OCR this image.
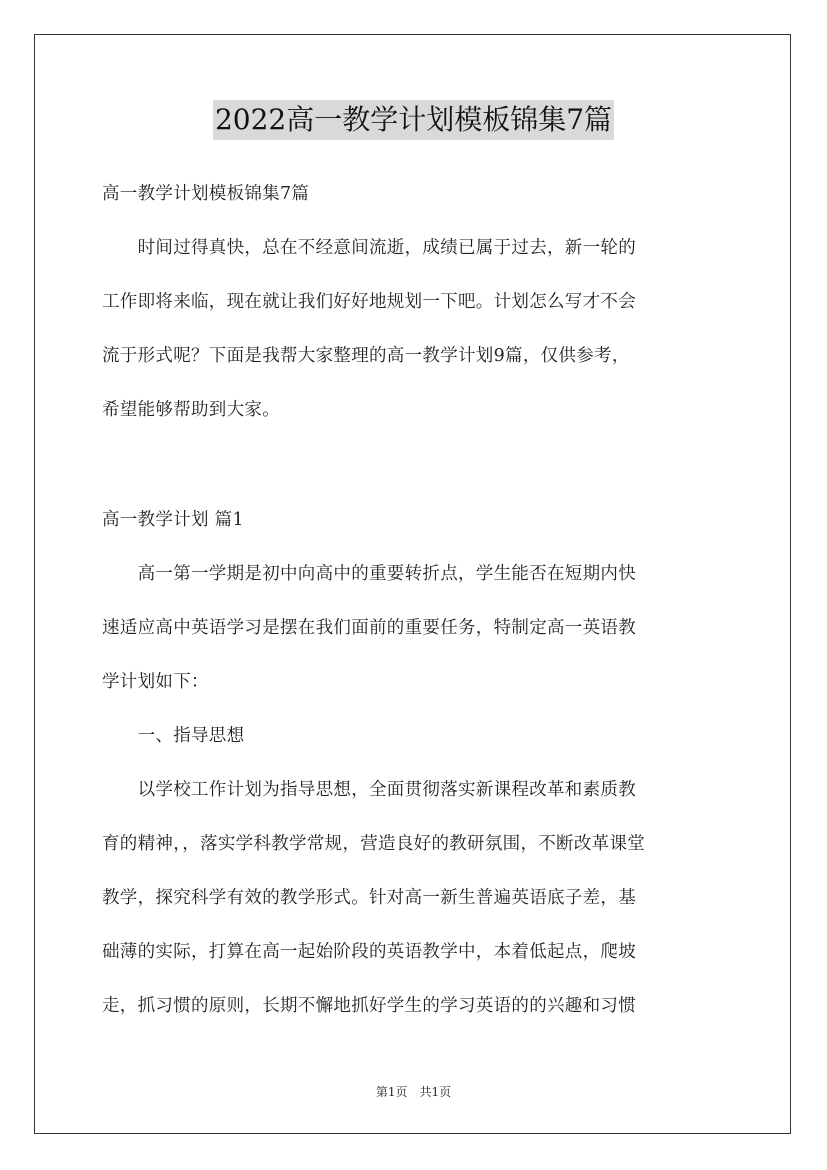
2022高一教学计划模板锦集7篇
高一教学计划模板锦集7篇
　　时间过得真快，总在不经意间流逝，成绩已属于过去，新一轮的
工作即将来临，现在就让我们好好地规划一下吧。计划怎么写才不会
流于形式呢？下面是我帮大家整理的高一教学计划9篇，仅供参考，
希望能够帮助到大家。
高一教学计划 篇1
　　高一第一学期是初中向高中的重要转折点，学生能否在短期内快
速适应高中英语学习是摆在我们面前的重要任务，特制定高一英语教
学计划如下：
　　一、指导思想
　　以学校工作计划为指导思想，全面贯彻落实新课程改革和素质教
育的精神，，落实学科教学常规，营造良好的教研氛围，不断改革课堂
教学，探究科学有效的教学形式。针对高一新生普遍英语底子差，基
础薄的实际，打算在高一起始阶段的英语教学中，本着低起点，爬坡
走，抓习惯的原则，长期不懈地抓好学生的学习英语的的兴趣和习惯
第1页　共1页
